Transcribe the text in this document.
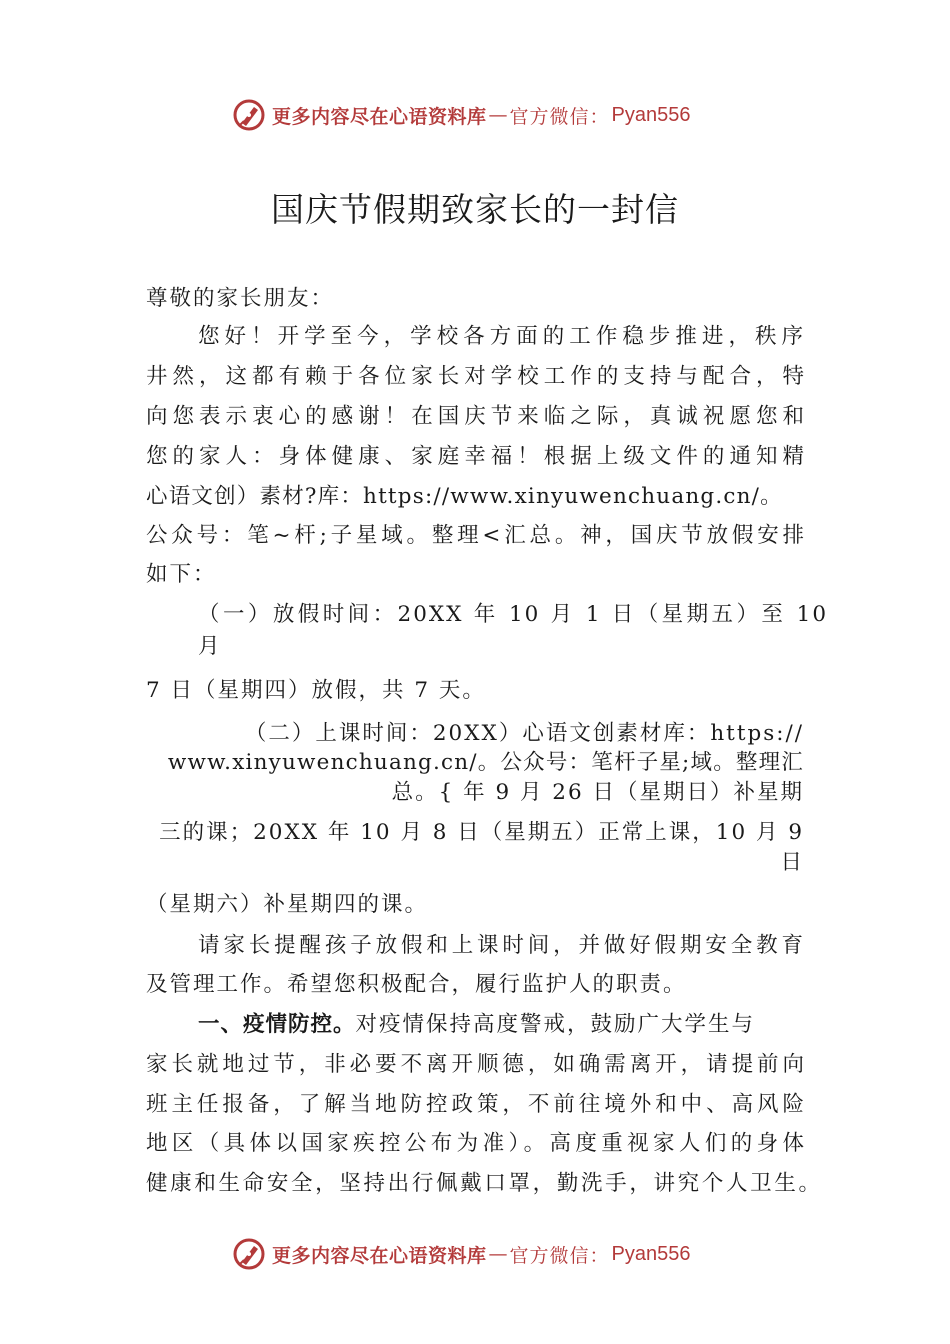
更多内容尽在心语资料库 — 官方微信： Pyan556
国庆节假期致家长的一封信
尊敬的家长朋友：
您好！开学至今，学校各方面的工作稳步推进，秩序
井然，这都有赖于各位家长对学校工作的支持与配合，特
向您表示衷心的感谢！在国庆节来临之际，真诚祝愿您和
您的家人：身体健康、家庭幸福！根据上级文件的通知精
心语文创）素材?库：https://www.xinyuwenchuang.cn/。
公众号：笔~杆;子星域。整理<汇总。神，国庆节放假安排
如下：
（一）放假时间：20XX 年 10 月 1 日（星期五）至 10
月
7 日（星期四）放假，共 7 天。
（二）上课时间：20XX）心语文创素材库：https://
www.xinyuwenchuang.cn/。公众号：笔杆子星;域。整理汇
总。{ 年 9 月 26 日（星期日）补星期
三的课；20XX 年 10 月 8 日（星期五）正常上课，10 月 9
日
（星期六）补星期四的课。
请家长提醒孩子放假和上课时间，并做好假期安全教育
及管理工作。希望您积极配合，履行监护人的职责。
一、疫情防控。对疫情保持高度警戒，鼓励广大学生与
家长就地过节，非必要不离开顺德，如确需离开，请提前向
班主任报备，了解当地防控政策，不前往境外和中、高风险
地区（具体以国家疾控公布为准）。高度重视家人们的身体
健康和生命安全，坚持出行佩戴口罩，勤洗手，讲究个人卫生。
更多内容尽在心语资料库 — 官方微信： Pyan556
